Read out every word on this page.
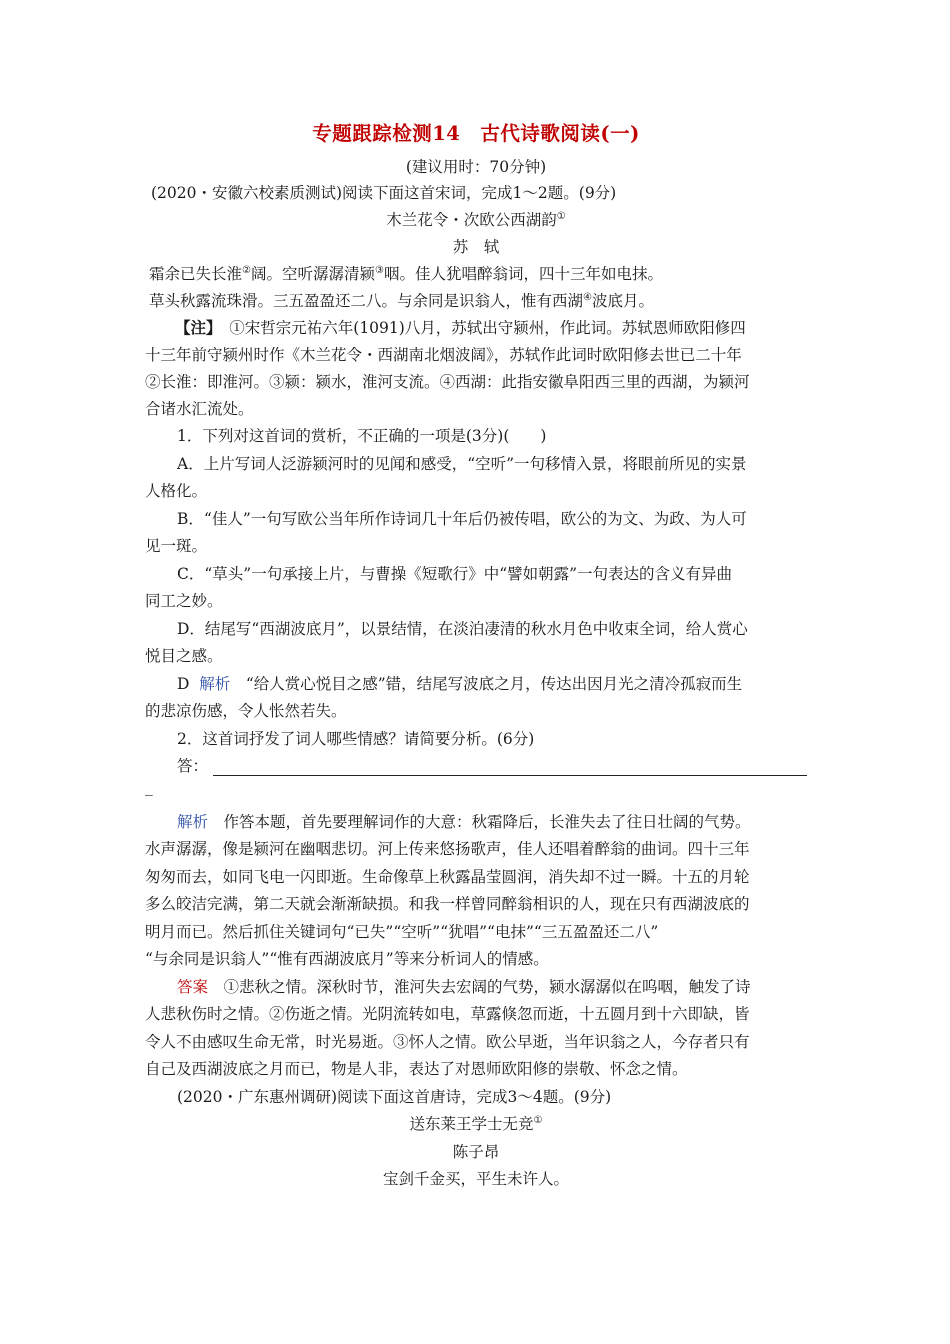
专题跟踪检测14　古代诗歌阅读(一)
(建议用时：70分钟)
(2020・安徽六校素质测试)阅读下面这首宋词，完成1～2题。(9分)
木兰花令・次欧公西湖韵①
苏　轼
霜余已失长淮②阔。空听潺潺清颍③咽。佳人犹唱醉翁词，四十三年如电抹。
草头秋露流珠滑。三五盈盈还二八。与余同是识翁人，惟有西湖④波底月。
【注】　①宋哲宗元祐六年(1091)八月，苏轼出守颍州，作此词。苏轼恩师欧阳修四
十三年前守颍州时作《木兰花令・西湖南北烟波阔》，苏轼作此词时欧阳修去世已二十年
②长淮：即淮河。③颍：颍水，淮河支流。④西湖：此指安徽阜阳西三里的西湖，为颍河
合诸水汇流处。
1．下列对这首词的赏析，不正确的一项是(3分)(　　)
A．上片写词人泛游颍河时的见闻和感受，“空听”一句移情入景，将眼前所见的实景
人格化。
B．“佳人”一句写欧公当年所作诗词几十年后仍被传唱，欧公的为文、为政、为人可
见一斑。
C．“草头”一句承接上片，与曹操《短歌行》中“譬如朝露”一句表达的含义有异曲
同工之妙。
D．结尾写“西湖波底月”，以景结情，在淡泊凄清的秋水月色中收束全词，给人赏心
悦目之感。
D 解析　“给人赏心悦目之感”错，结尾写波底之月，传达出因月光之清冷孤寂而生
的悲凉伤感，令人怅然若失。
2．这首词抒发了词人哪些情感？请简要分析。(6分)
答：
_
解析　作答本题，首先要理解词作的大意：秋霜降后，长淮失去了往日壮阔的气势。
水声潺潺，像是颍河在幽咽悲切。河上传来悠扬歌声，佳人还唱着醉翁的曲词。四十三年
匆匆而去，如同飞电一闪即逝。生命像草上秋露晶莹圆润，消失却不过一瞬。十五的月轮
多么皎洁完满，第二天就会渐渐缺损。和我一样曾同醉翁相识的人，现在只有西湖波底的
明月而已。然后抓住关键词句“已失”“空听”“犹唱”“电抹”“三五盈盈还二八”
“与余同是识翁人”“惟有西湖波底月”等来分析词人的情感。
答案　①悲秋之情。深秋时节，淮河失去宏阔的气势，颍水潺潺似在呜咽，触发了诗
人悲秋伤时之情。②伤逝之情。光阴流转如电，草露倏忽而逝，十五圆月到十六即缺，皆
令人不由感叹生命无常，时光易逝。③怀人之情。欧公早逝，当年识翁之人，今存者只有
自己及西湖波底之月而已，物是人非，表达了对恩师欧阳修的崇敬、怀念之情。
(2020・广东惠州调研)阅读下面这首唐诗，完成3～4题。(9分)
送东莱王学士无竞①
陈子昂
宝剑千金买，平生未许人。
